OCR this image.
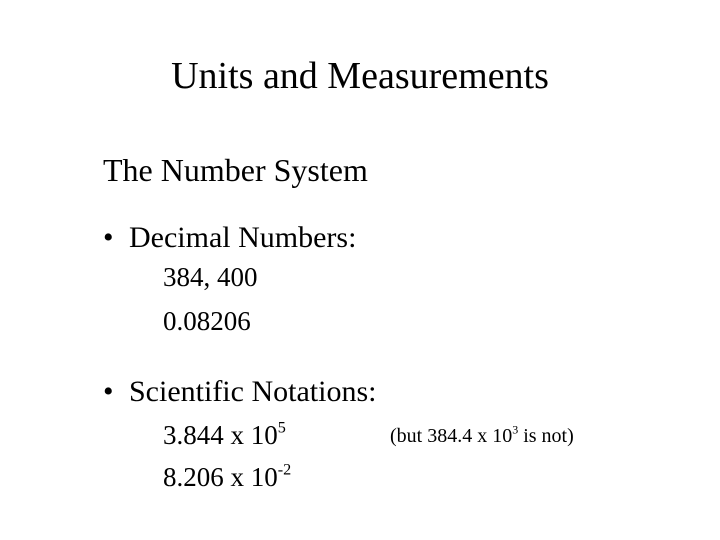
Units and Measurements
The Number System
• Decimal Numbers:
384, 400
0.08206
• Scientific Notations:
3.844 x $10^5$
8.206 x $10^{-2}$
(but 384.4 x $10^3$ is not)
